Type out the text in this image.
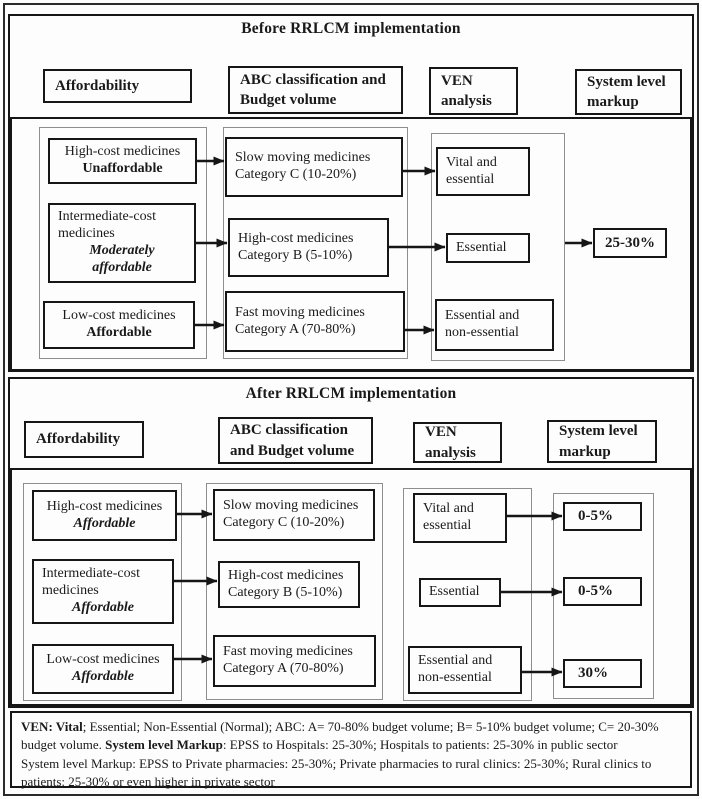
Before RRLCM implementation
Affordability	ABC classification and
Budget volume
VEN
analysis
System level
markup
High-cost medicines
Unaffordable
Intermediate-cost medicines
Moderately affordable
Low-cost medicines
Affordable
Slow moving medicines
Category C (10-20%)
High-cost medicines
Category B (5-10%)
Fast moving medicines
Category A (70-80%)
Vital and essential
Essential
Essential and non-essential
25-30%
After RRLCM implementation
Affordability
ABC classification
and Budget volume
VEN
analysis
System level
markup
High-cost medicines
Affordable
Intermediate-cost medicines
Affordable
Low-cost medicines
Affordable
Slow moving medicines
Category C (10-20%)
High-cost medicines
Category B (5-10%)
Fast moving medicines
Category A (70-80%)
Vital and essential
Essential
Essential and non-essential
0-5%
0-5%
30%

VEN: Vital; Essential; Non-Essential (Normal); ABC: A= 70-80% budget volume; B= 5-10% budget volume; C= 20-30% budget volume. System level Markup: EPSS to Hospitals: 25-30%; Hospitals to patients: 25-30% in public sector
System level Markup: EPSS to Private pharmacies: 25-30%; Private pharmacies to rural clinics: 25-30%; Rural clinics to patients: 25-30% or even higher in private sector
